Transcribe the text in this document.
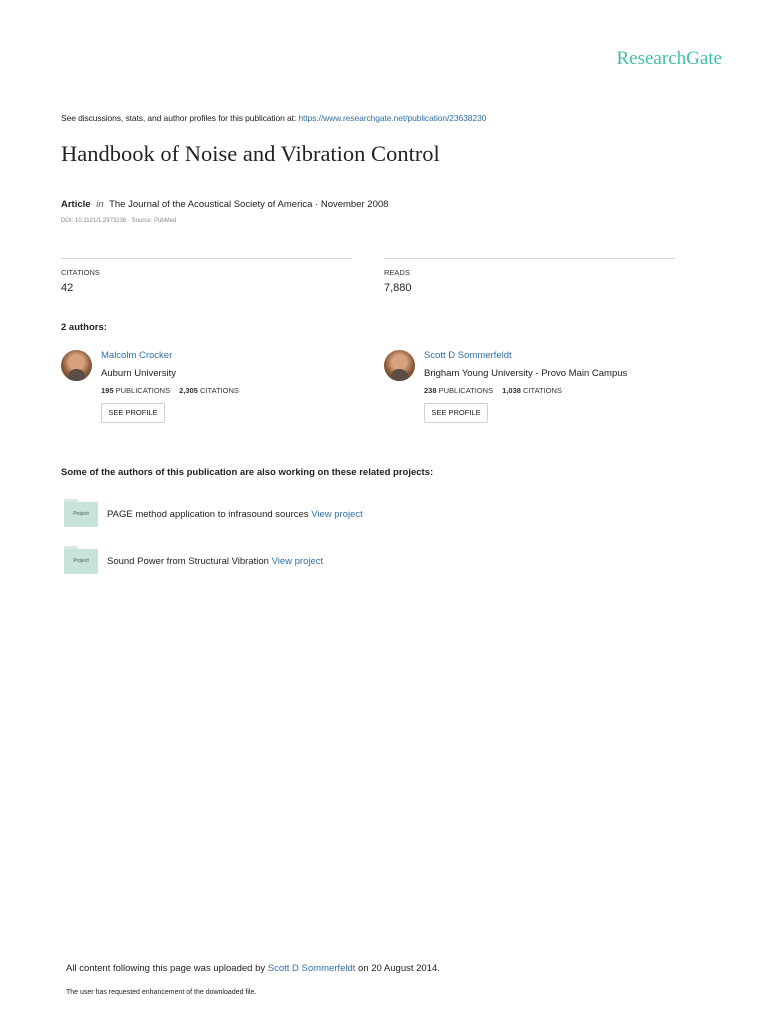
ResearchGate
See discussions, stats, and author profiles for this publication at: https://www.researchgate.net/publication/23638230
Handbook of Noise and Vibration Control
Article in The Journal of the Acoustical Society of America · November 2008
DOI: 10.1121/1.2973236 · Source: PubMed
CITATIONS
42
READS
7,880
2 authors:
Malcolm Crocker
Auburn University
195 PUBLICATIONS 2,305 CITATIONS
SEE PROFILE
Scott D Sommerfeldt
Brigham Young University - Provo Main Campus
238 PUBLICATIONS 1,038 CITATIONS
SEE PROFILE
Some of the authors of this publication are also working on these related projects:
Project	PAGE method application to infrasound sources View project
Project	Sound Power from Structural Vibration View project
All content following this page was uploaded by Scott D Sommerfeldt on 20 August 2014.
The user has requested enhancement of the downloaded file.
